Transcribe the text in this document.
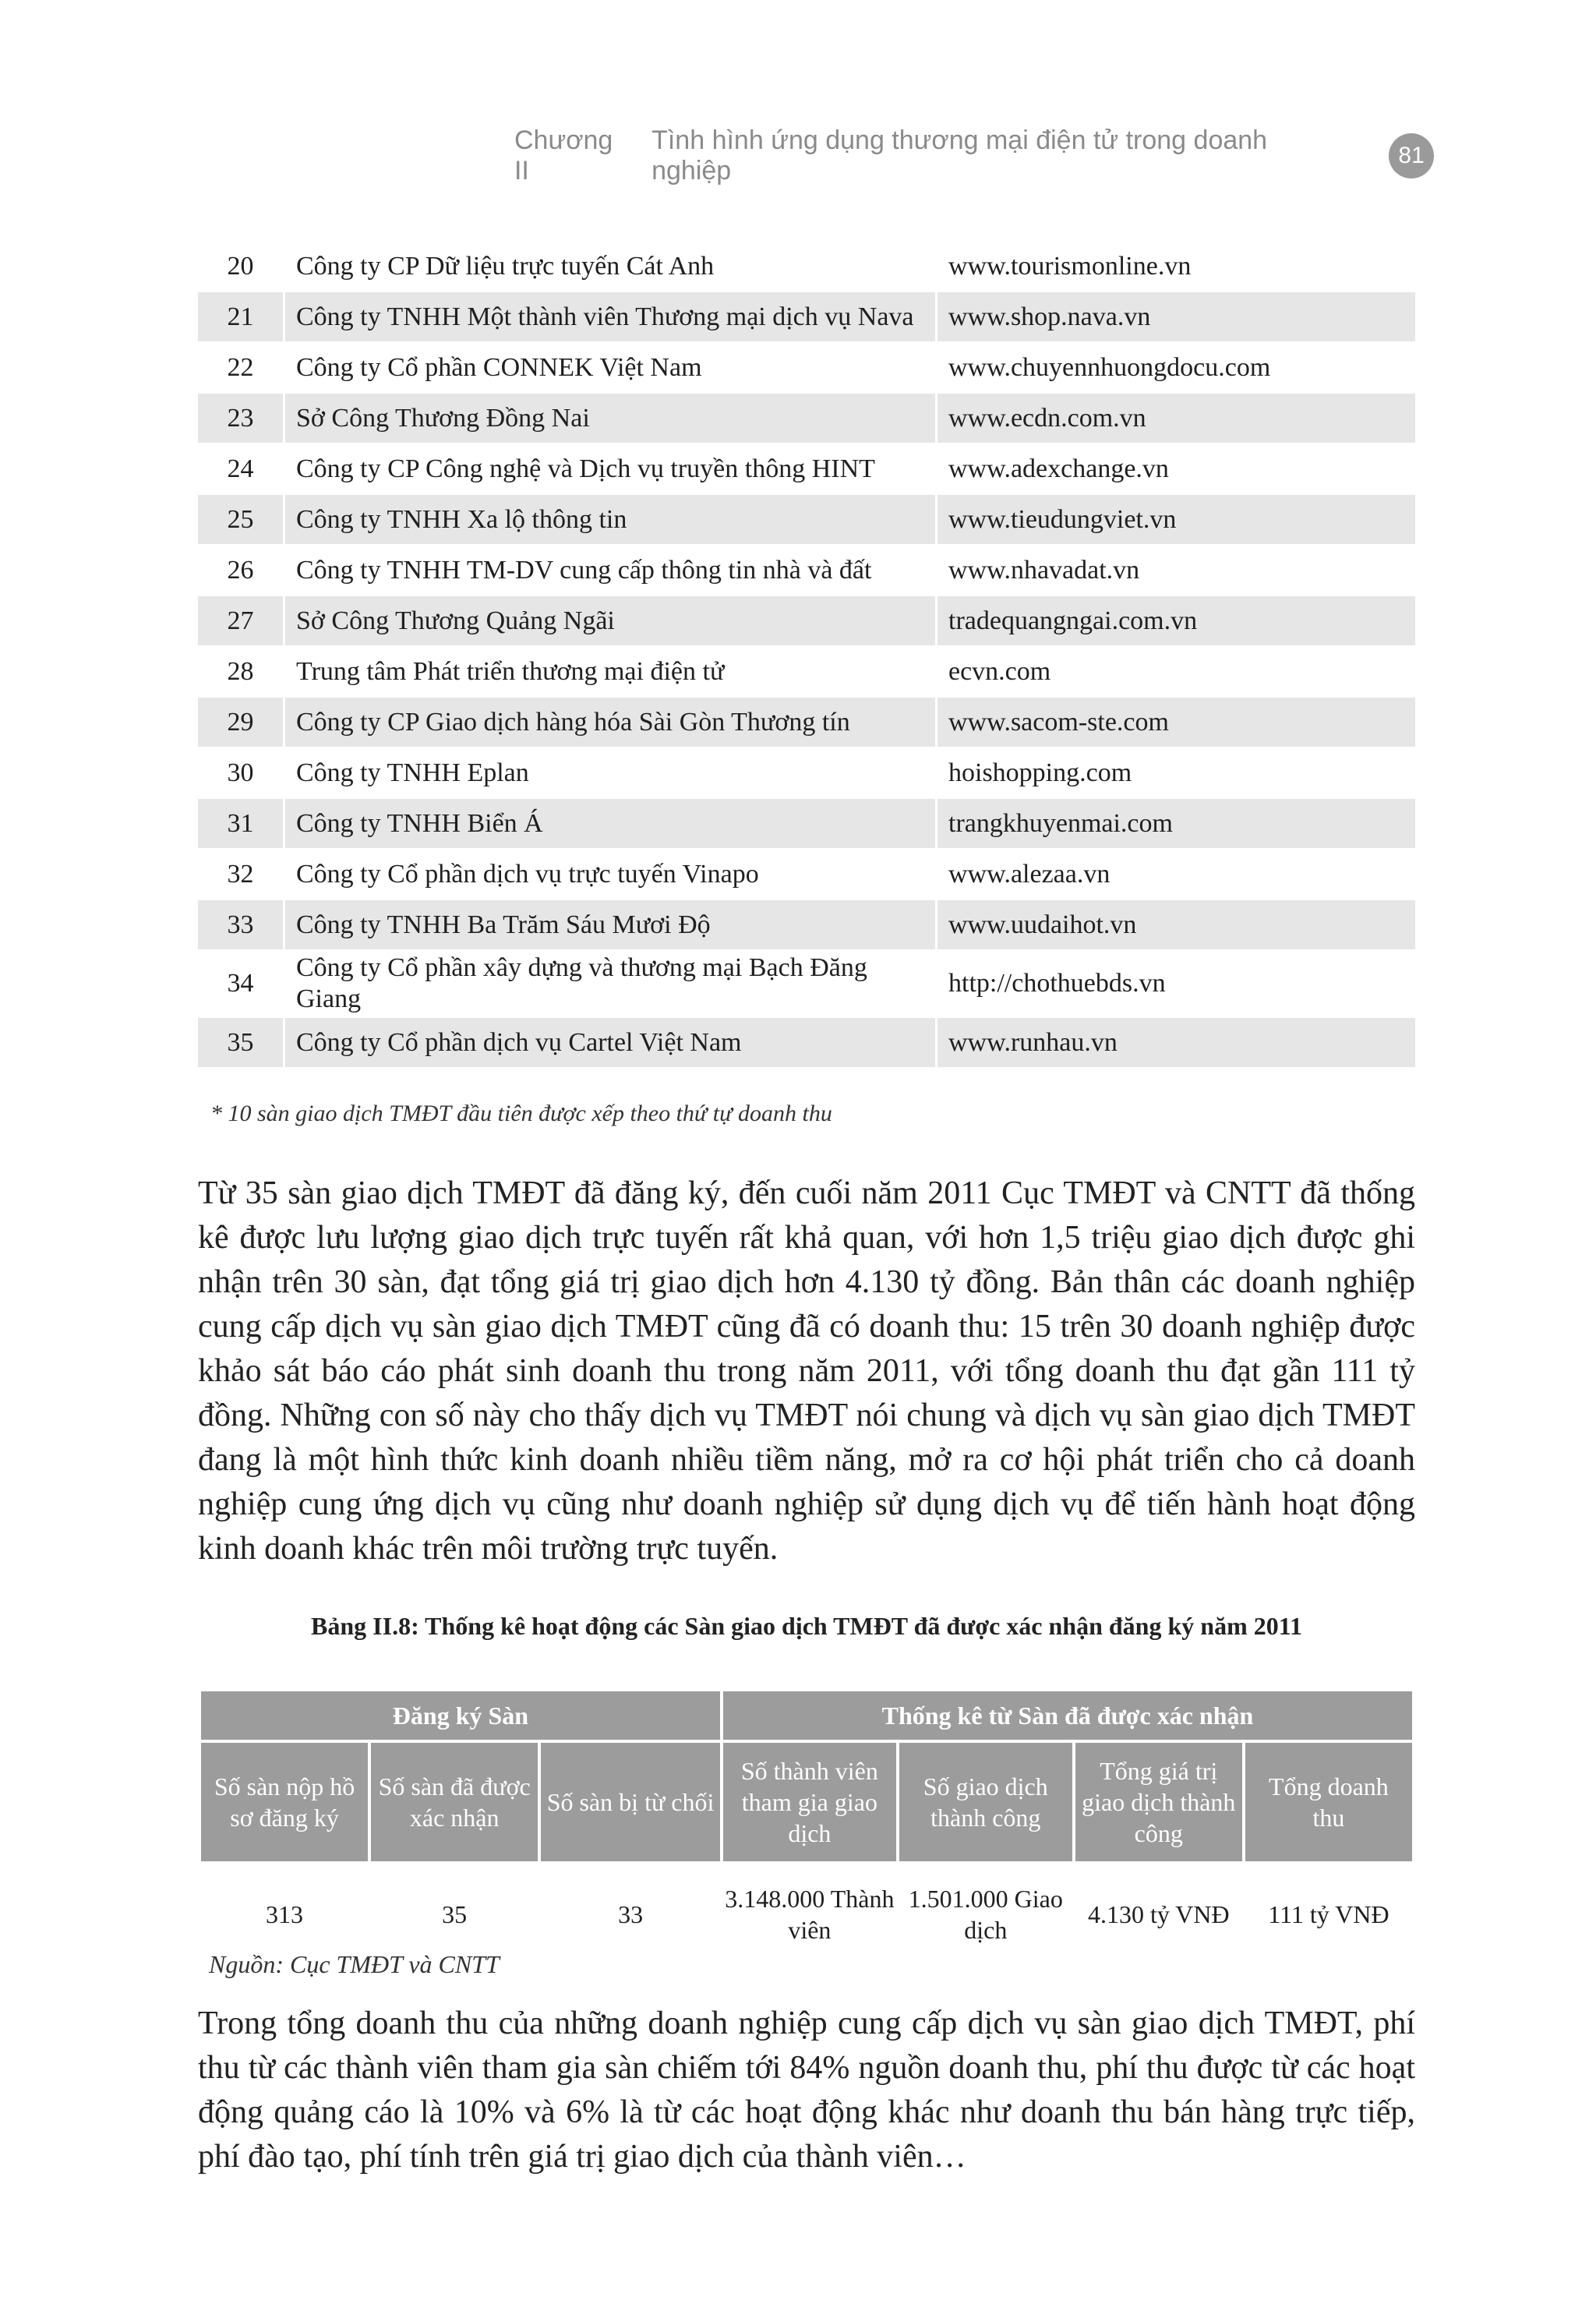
Chương II
Tình hình ứng dụng thương mại điện tử trong doanh nghiệp
81
20	Công ty CP Dữ liệu trực tuyến Cát Anh	www.tourismonline.vn
21	Công ty TNHH Một thành viên Thương mại dịch vụ Nava	www.shop.nava.vn
22	Công ty Cổ phần CONNEK Việt Nam	www.chuyennhuongdocu.com
23	Sở Công Thương Đồng Nai	www.ecdn.com.vn
24	Công ty CP Công nghệ và Dịch vụ truyền thông HINT	www.adexchange.vn
25	Công ty TNHH Xa lộ thông tin	www.tieudungviet.vn
26	Công ty TNHH TM-DV cung cấp thông tin nhà và đất	www.nhavadat.vn
27	Sở Công Thương Quảng Ngãi	tradequangngai.com.vn
28	Trung tâm Phát triển thương mại điện tử	ecvn.com
29	Công ty CP Giao dịch hàng hóa Sài Gòn Thương tín	www.sacom-ste.com
30	Công ty TNHH Eplan	hoishopping.com
31	Công ty TNHH Biển Á	trangkhuyenmai.com
32	Công ty Cổ phần dịch vụ trực tuyến Vinapo	www.alezaa.vn
33	Công ty TNHH Ba Trăm Sáu Mươi Độ	www.uudaihot.vn
34	Công ty Cổ phần xây dựng và thương mại Bạch Đăng Giang	http://chothuebds.vn
35	Công ty Cổ phần dịch vụ Cartel Việt Nam	www.runhau.vn
* 10 sàn giao dịch TMĐT đầu tiên được xếp theo thứ tự doanh thu

Từ 35 sàn giao dịch TMĐT đã đăng ký, đến cuối năm 2011 Cục TMĐT và CNTT đã thống kê được lưu lượng giao dịch trực tuyến rất khả quan, với hơn 1,5 triệu giao dịch được ghi nhận trên 30 sàn, đạt tổng giá trị giao dịch hơn 4.130 tỷ đồng. Bản thân các doanh nghiệp cung cấp dịch vụ sàn giao dịch TMĐT cũng đã có doanh thu: 15 trên 30 doanh nghiệp được khảo sát báo cáo phát sinh doanh thu trong năm 2011, với tổng doanh thu đạt gần 111 tỷ đồng. Những con số này cho thấy dịch vụ TMĐT nói chung và dịch vụ sàn giao dịch TMĐT đang là một hình thức kinh doanh nhiều tiềm năng, mở ra cơ hội phát triển cho cả doanh nghiệp cung ứng dịch vụ cũng như doanh nghiệp sử dụng dịch vụ để tiến hành hoạt động kinh doanh khác trên môi trường trực tuyến.

Bảng II.8: Thống kê hoạt động các Sàn giao dịch TMĐT đã được xác nhận đăng ký năm 2011
Đăng ký Sàn			Thống kê từ Sàn đã được xác nhận			
Số sàn nộp hồ sơ đăng ký	Số sàn đã được xác nhận	Số sàn bị từ chối	Số thành viên tham gia giao dịch	Số giao dịch thành công	Tổng giá trị giao dịch thành công	Tổng doanh thu
313	35	33	3.148.000 Thành viên	1.501.000 Giao dịch	4.130 tỷ VNĐ	111 tỷ VNĐ
Nguồn: Cục TMĐT và CNTT

Trong tổng doanh thu của những doanh nghiệp cung cấp dịch vụ sàn giao dịch TMĐT, phí thu từ các thành viên tham gia sàn chiếm tới 84% nguồn doanh thu, phí thu được từ các hoạt động quảng cáo là 10% và 6% là từ các hoạt động khác như doanh thu bán hàng trực tiếp, phí đào tạo, phí tính trên giá trị giao dịch của thành viên…
